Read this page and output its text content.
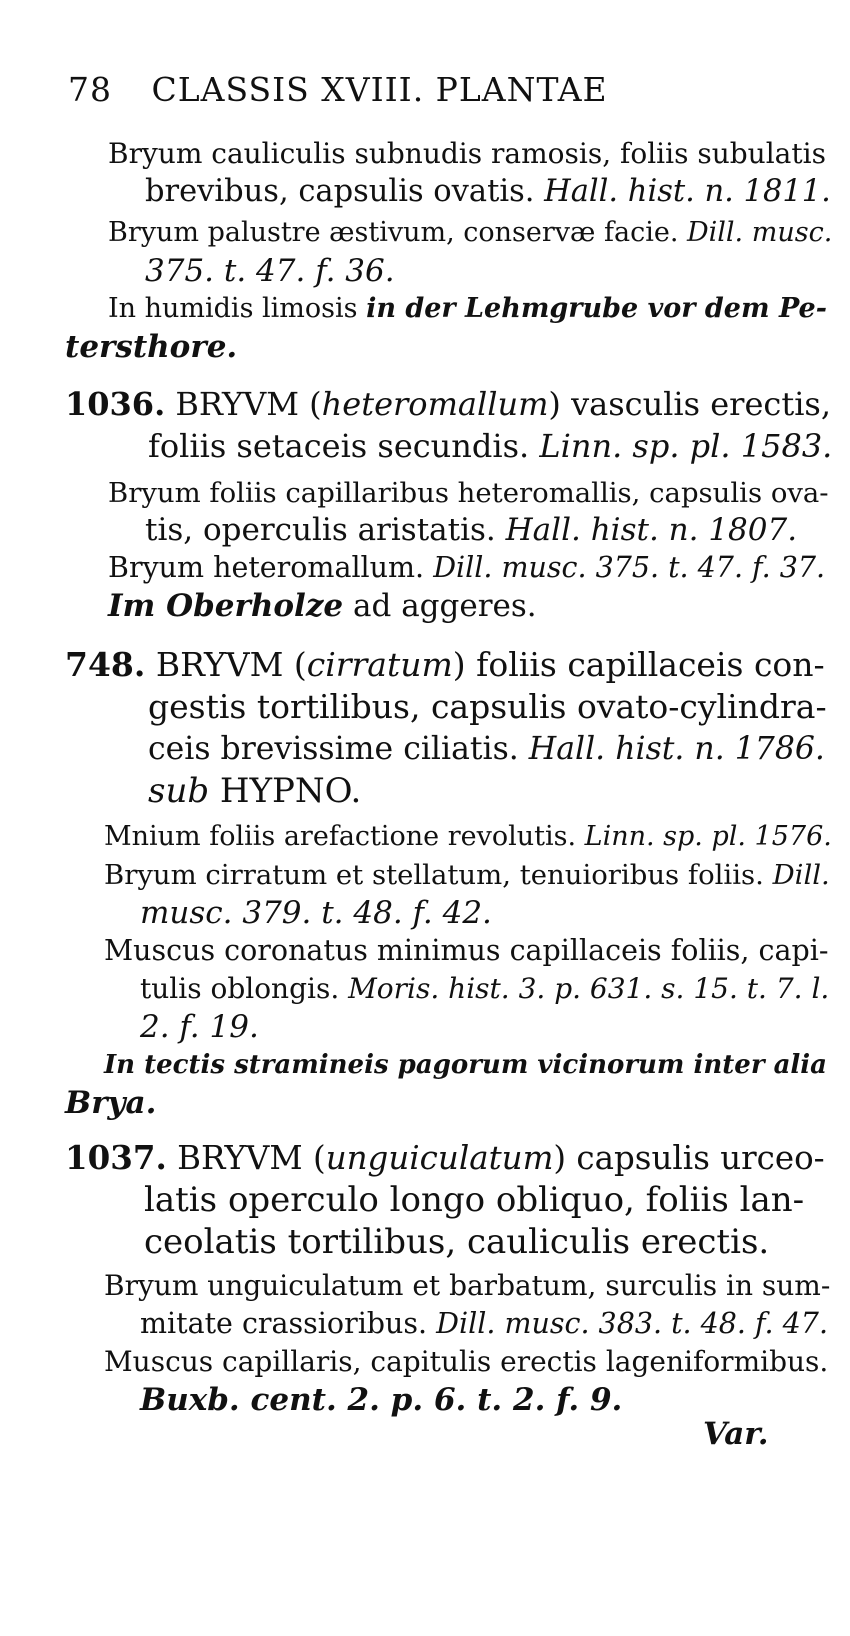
78 CLASSIS XVIII. PLANTAE
Bryum cauliculis subnudis ramosis, foliis subulatis
brevibus, capsulis ovatis. Hall. hist. n. 1811.
Bryum palustre æstivum, conservæ facie. Dill. musc.
375. t. 47. f. 36.
In humidis limosis in der Lehmgrube vor dem Pe-
tersthore.
1036. BRYVM (heteromallum) vasculis erectis,
foliis setaceis secundis. Linn. sp. pl. 1583.
Bryum foliis capillaribus heteromallis, capsulis ova-
tis, operculis aristatis. Hall. hist. n. 1807.
Bryum heteromallum. Dill. musc. 375. t. 47. f. 37.
Im Oberholze ad aggeres.
748. BRYVM (cirratum) foliis capillaceis con-
gestis tortilibus, capsulis ovato-cylindra-
ceis brevissime ciliatis. Hall. hist. n. 1786.
sub HYPNO.
Mnium foliis arefactione revolutis. Linn. sp. pl. 1576.
Bryum cirratum et stellatum, tenuioribus foliis. Dill.
musc. 379. t. 48. f. 42.
Muscus coronatus minimus capillaceis foliis, capi-
tulis oblongis. Moris. hist. 3. p. 631. s. 15. t. 7. l.
2. f. 19.
In tectis stramineis pagorum vicinorum inter alia
Brya.
1037. BRYVM (unguiculatum) capsulis urceo-
latis operculo longo obliquo, foliis lan-
ceolatis tortilibus, cauliculis erectis.
Bryum unguiculatum et barbatum, surculis in sum-
mitate crassioribus. Dill. musc. 383. t. 48. f. 47.
Muscus capillaris, capitulis erectis lageniformibus.
Buxb. cent. 2. p. 6. t. 2. f. 9.
Var.
